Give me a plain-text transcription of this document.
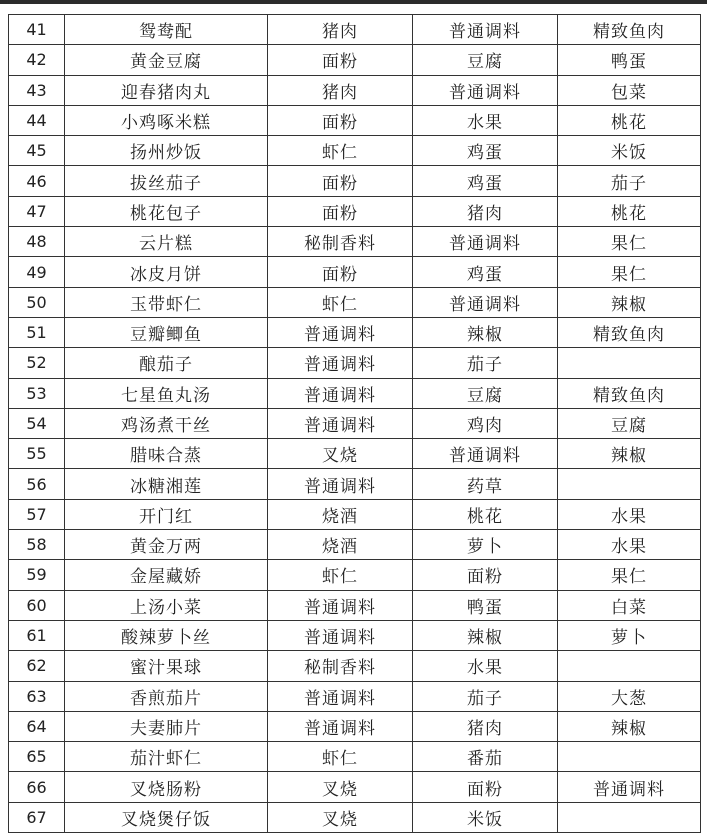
41	鸳鸯配	猪肉	普通调料	精致鱼肉
42	黄金豆腐	面粉	豆腐	鸭蛋
43	迎春猪肉丸	猪肉	普通调料	包菜
44	小鸡啄米糕	面粉	水果	桃花
45	扬州炒饭	虾仁	鸡蛋	米饭
46	拔丝茄子	面粉	鸡蛋	茄子
47	桃花包子	面粉	猪肉	桃花
48	云片糕	秘制香料	普通调料	果仁
49	冰皮月饼	面粉	鸡蛋	果仁
50	玉带虾仁	虾仁	普通调料	辣椒
51	豆瓣鲫鱼	普通调料	辣椒	精致鱼肉
52	酿茄子	普通调料	茄子	
53	七星鱼丸汤	普通调料	豆腐	精致鱼肉
54	鸡汤煮干丝	普通调料	鸡肉	豆腐
55	腊味合蒸	叉烧	普通调料	辣椒
56	冰糖湘莲	普通调料	药草	
57	开门红	烧酒	桃花	水果
58	黄金万两	烧酒	萝卜	水果
59	金屋藏娇	虾仁	面粉	果仁
60	上汤小菜	普通调料	鸭蛋	白菜
61	酸辣萝卜丝	普通调料	辣椒	萝卜
62	蜜汁果球	秘制香料	水果	
63	香煎茄片	普通调料	茄子	大葱
64	夫妻肺片	普通调料	猪肉	辣椒
65	茄汁虾仁	虾仁	番茄	
66	叉烧肠粉	叉烧	面粉	普通调料
67	叉烧煲仔饭	叉烧	米饭	
